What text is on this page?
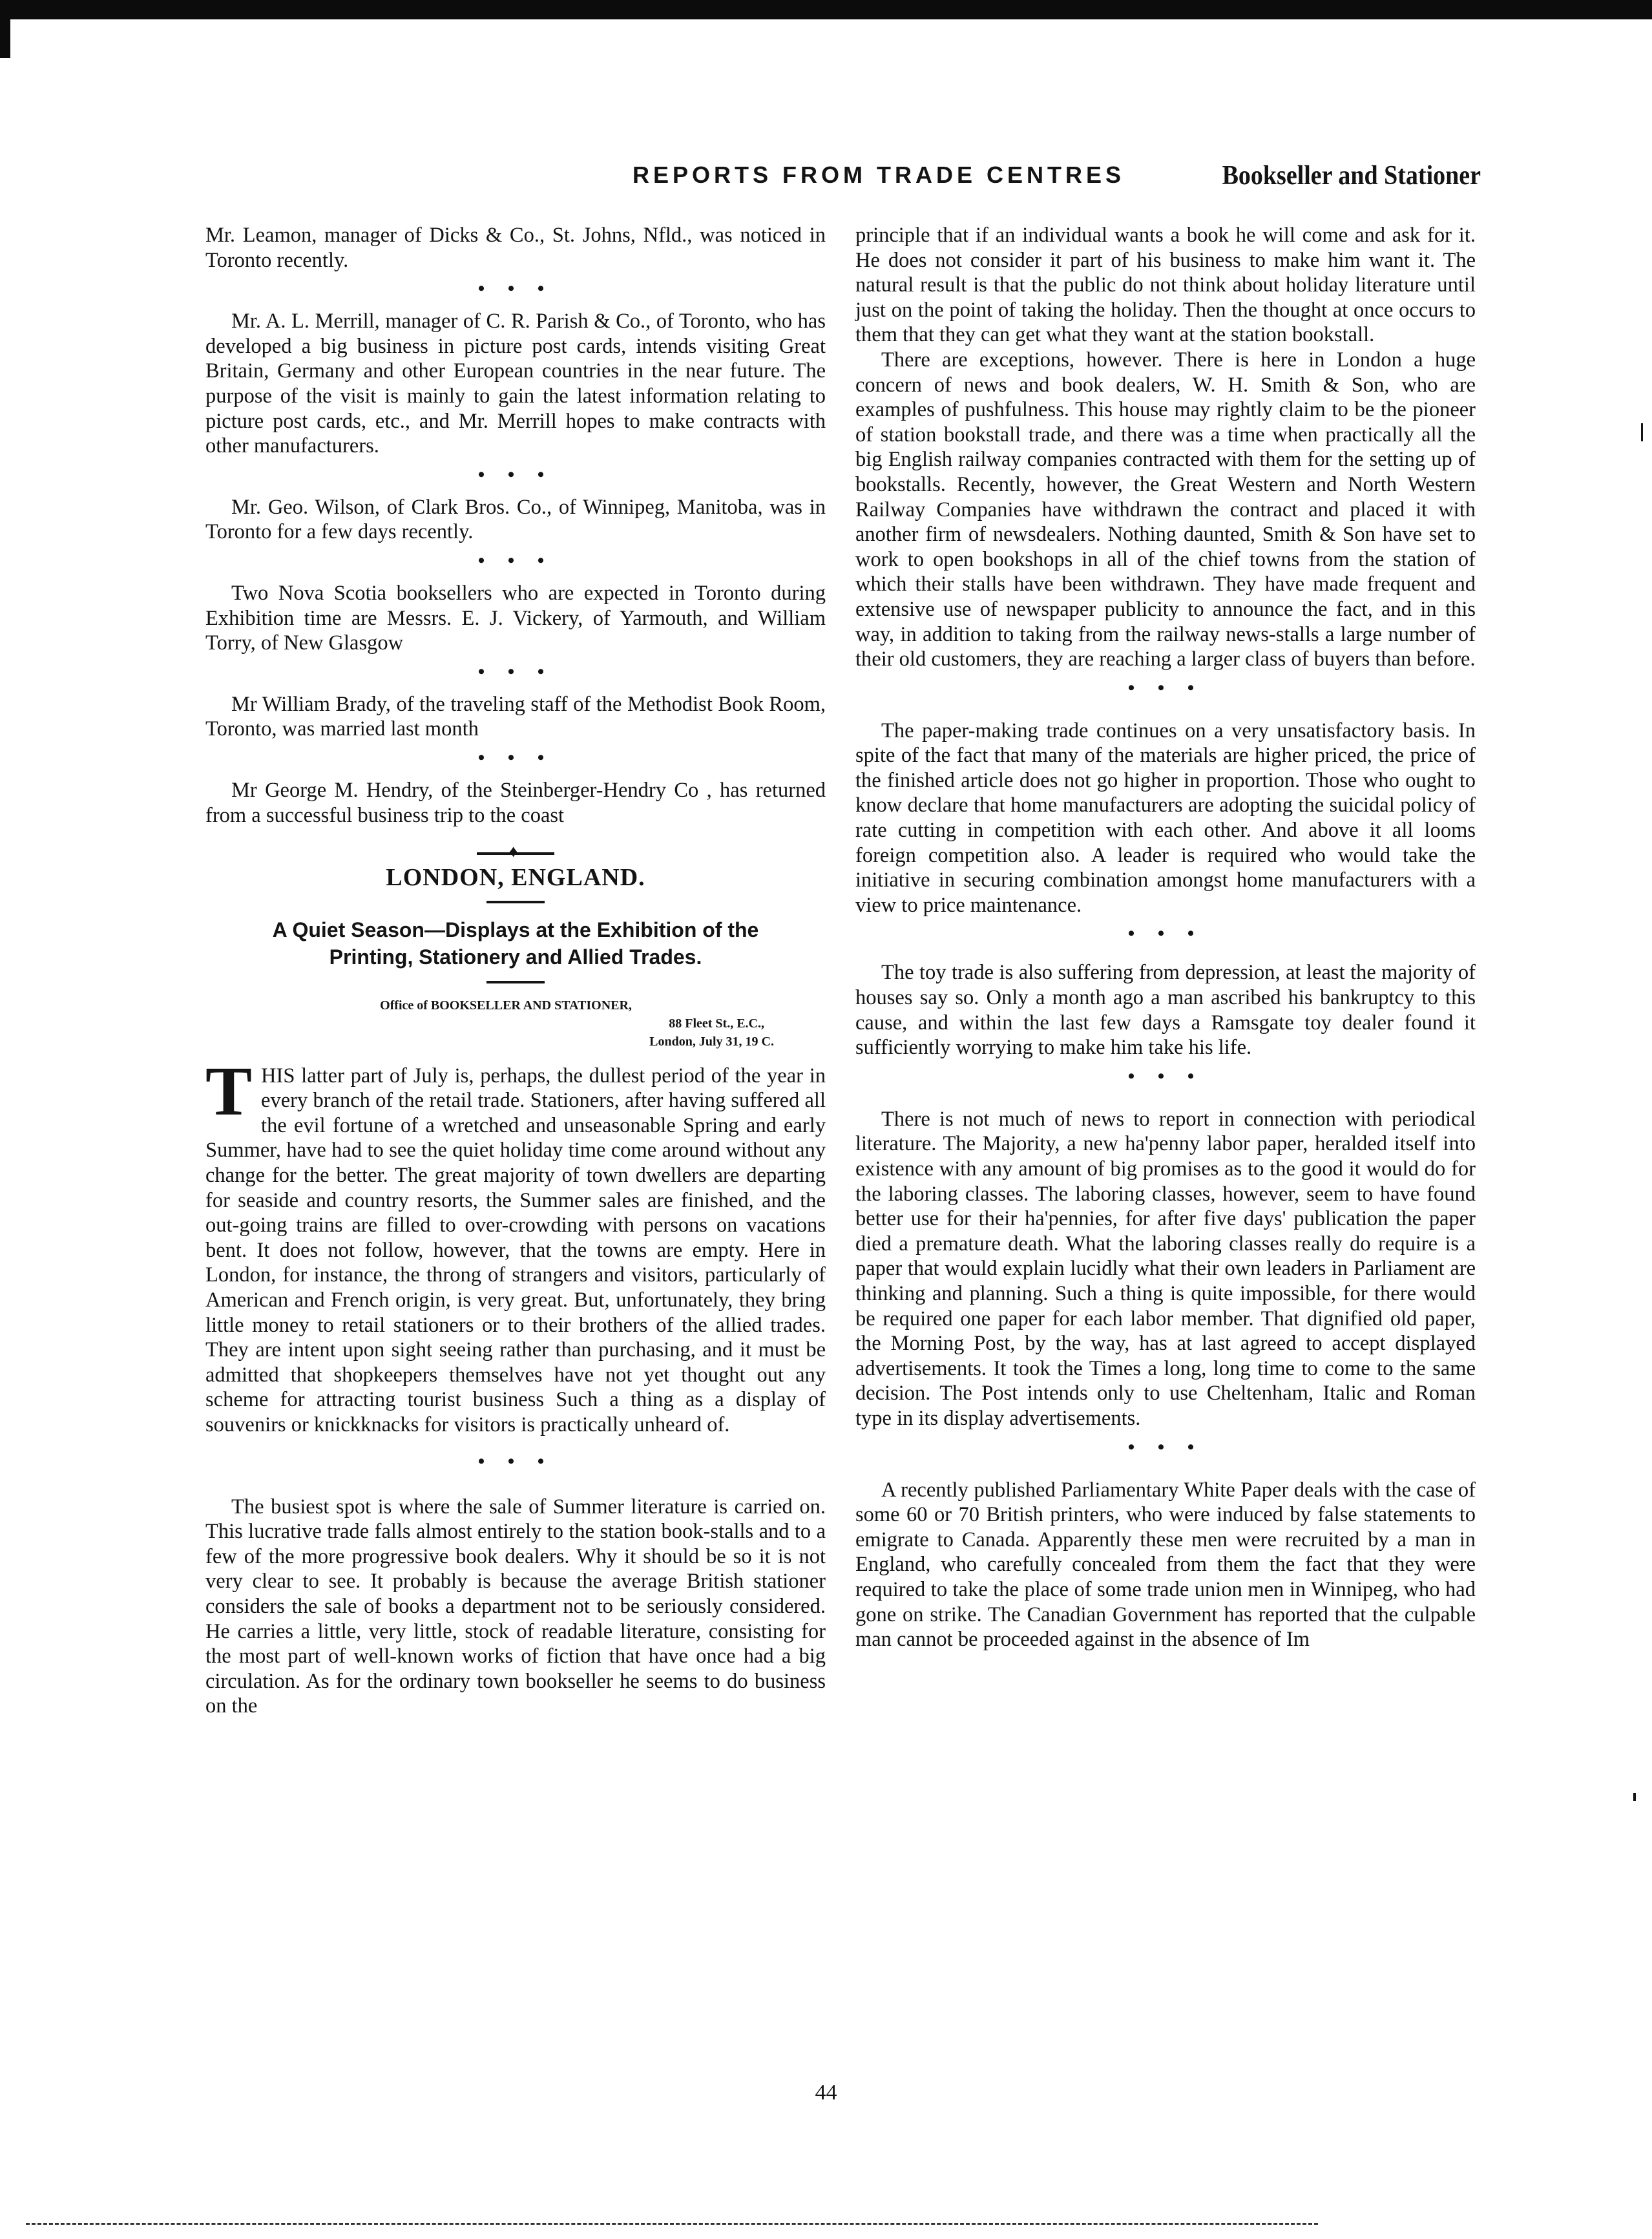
REPORTS FROM TRADE CENTRES	Bookseller and Stationer

Mr. Leamon, manager of Dicks & Co., St. Johns, Nfld., was noticed in Toronto recently.

• • •

Mr. A. L. Merrill, manager of C. R. Parish & Co., of Toronto, who has developed a big business in picture post cards, intends visiting Great Britain, Germany and other European countries in the near future. The purpose of the visit is mainly to gain the latest information relating to picture post cards, etc., and Mr. Merrill hopes to make contracts with other manufacturers.

• • •

Mr. Geo. Wilson, of Clark Bros. Co., of Winnipeg, Manitoba, was in Toronto for a few days recently.

• • •

Two Nova Scotia booksellers who are expected in Toronto during Exhibition time are Messrs. E. J. Vickery, of Yarmouth, and William Torry, of New Glasgow

• • •

Mr William Brady, of the traveling staff of the Methodist Book Room, Toronto, was married last month

• • •

Mr George M. Hendry, of the Steinberger-Hendry Co , has returned from a successful business trip to the coast

♦
LONDON, ENGLAND.
A Quiet Season—Displays at the Exhibition of the Printing, Stationery and Allied Trades.
Office of BOOKSELLER AND STATIONER,
88 Fleet St., E.C.,
London, July 31, 19 C.

THIS latter part of July is, perhaps, the dullest period of the year in every branch of the retail trade. Stationers, after having suffered all the evil fortune of a wretched and unseasonable Spring and early Summer, have had to see the quiet holiday time come around without any change for the better. The great majority of town dwellers are departing for seaside and country resorts, the Summer sales are finished, and the out-going trains are filled to over-crowding with persons on vacations bent. It does not follow, however, that the towns are empty. Here in London, for instance, the throng of strangers and visitors, particularly of American and French origin, is very great. But, unfortunately, they bring little money to retail stationers or to their brothers of the allied trades. They are intent upon sight seeing rather than purchasing, and it must be admitted that shopkeepers themselves have not yet thought out any scheme for attracting tourist business Such a thing as a display of souvenirs or knickknacks for visitors is practically unheard of.

• • •

The busiest spot is where the sale of Summer literature is carried on. This lucrative trade falls almost entirely to the station book-stalls and to a few of the more progressive book dealers. Why it should be so it is not very clear to see. It probably is because the average British stationer considers the sale of books a department not to be seriously considered. He carries a little, very little, stock of readable literature, consisting for the most part of well-known works of fiction that have once had a big circulation. As for the ordinary town bookseller he seems to do business on the

principle that if an individual wants a book he will come and ask for it. He does not consider it part of his business to make him want it. The natural result is that the public do not think about holiday literature until just on the point of taking the holiday. Then the thought at once occurs to them that they can get what they want at the station bookstall.

There are exceptions, however. There is here in London a huge concern of news and book dealers, W. H. Smith & Son, who are examples of pushfulness. This house may rightly claim to be the pioneer of station bookstall trade, and there was a time when practically all the big English railway companies contracted with them for the setting up of bookstalls. Recently, however, the Great Western and North Western Railway Companies have withdrawn the contract and placed it with another firm of newsdealers. Nothing daunted, Smith & Son have set to work to open bookshops in all of the chief towns from the station of which their stalls have been withdrawn. They have made frequent and extensive use of newspaper publicity to announce the fact, and in this way, in addition to taking from the railway news-stalls a large number of their old customers, they are reaching a larger class of buyers than before.

• • •

The paper-making trade continues on a very unsatisfactory basis. In spite of the fact that many of the materials are higher priced, the price of the finished article does not go higher in proportion. Those who ought to know declare that home manufacturers are adopting the suicidal policy of rate cutting in competition with each other. And above it all looms foreign competition also. A leader is required who would take the initiative in securing combination amongst home manufacturers with a view to price maintenance.

• • •

The toy trade is also suffering from depression, at least the majority of houses say so. Only a month ago a man ascribed his bankruptcy to this cause, and within the last few days a Ramsgate toy dealer found it sufficiently worrying to make him take his life.

• • •

There is not much of news to report in connection with periodical literature. The Majority, a new ha'penny labor paper, heralded itself into existence with any amount of big promises as to the good it would do for the laboring classes. The laboring classes, however, seem to have found better use for their ha'pennies, for after five days' publication the paper died a premature death. What the laboring classes really do require is a paper that would explain lucidly what their own leaders in Parliament are thinking and planning. Such a thing is quite impossible, for there would be required one paper for each labor member. That dignified old paper, the Morning Post, by the way, has at last agreed to accept displayed advertisements. It took the Times a long, long time to come to the same decision. The Post intends only to use Cheltenham, Italic and Roman type in its display advertisements.

• • •

A recently published Parliamentary White Paper deals with the case of some 60 or 70 British printers, who were induced by false statements to emigrate to Canada. Apparently these men were recruited by a man in England, who carefully concealed from them the fact that they were required to take the place of some trade union men in Winnipeg, who had gone on strike. The Canadian Government has reported that the culpable man cannot be proceeded against in the absence of Im

44
